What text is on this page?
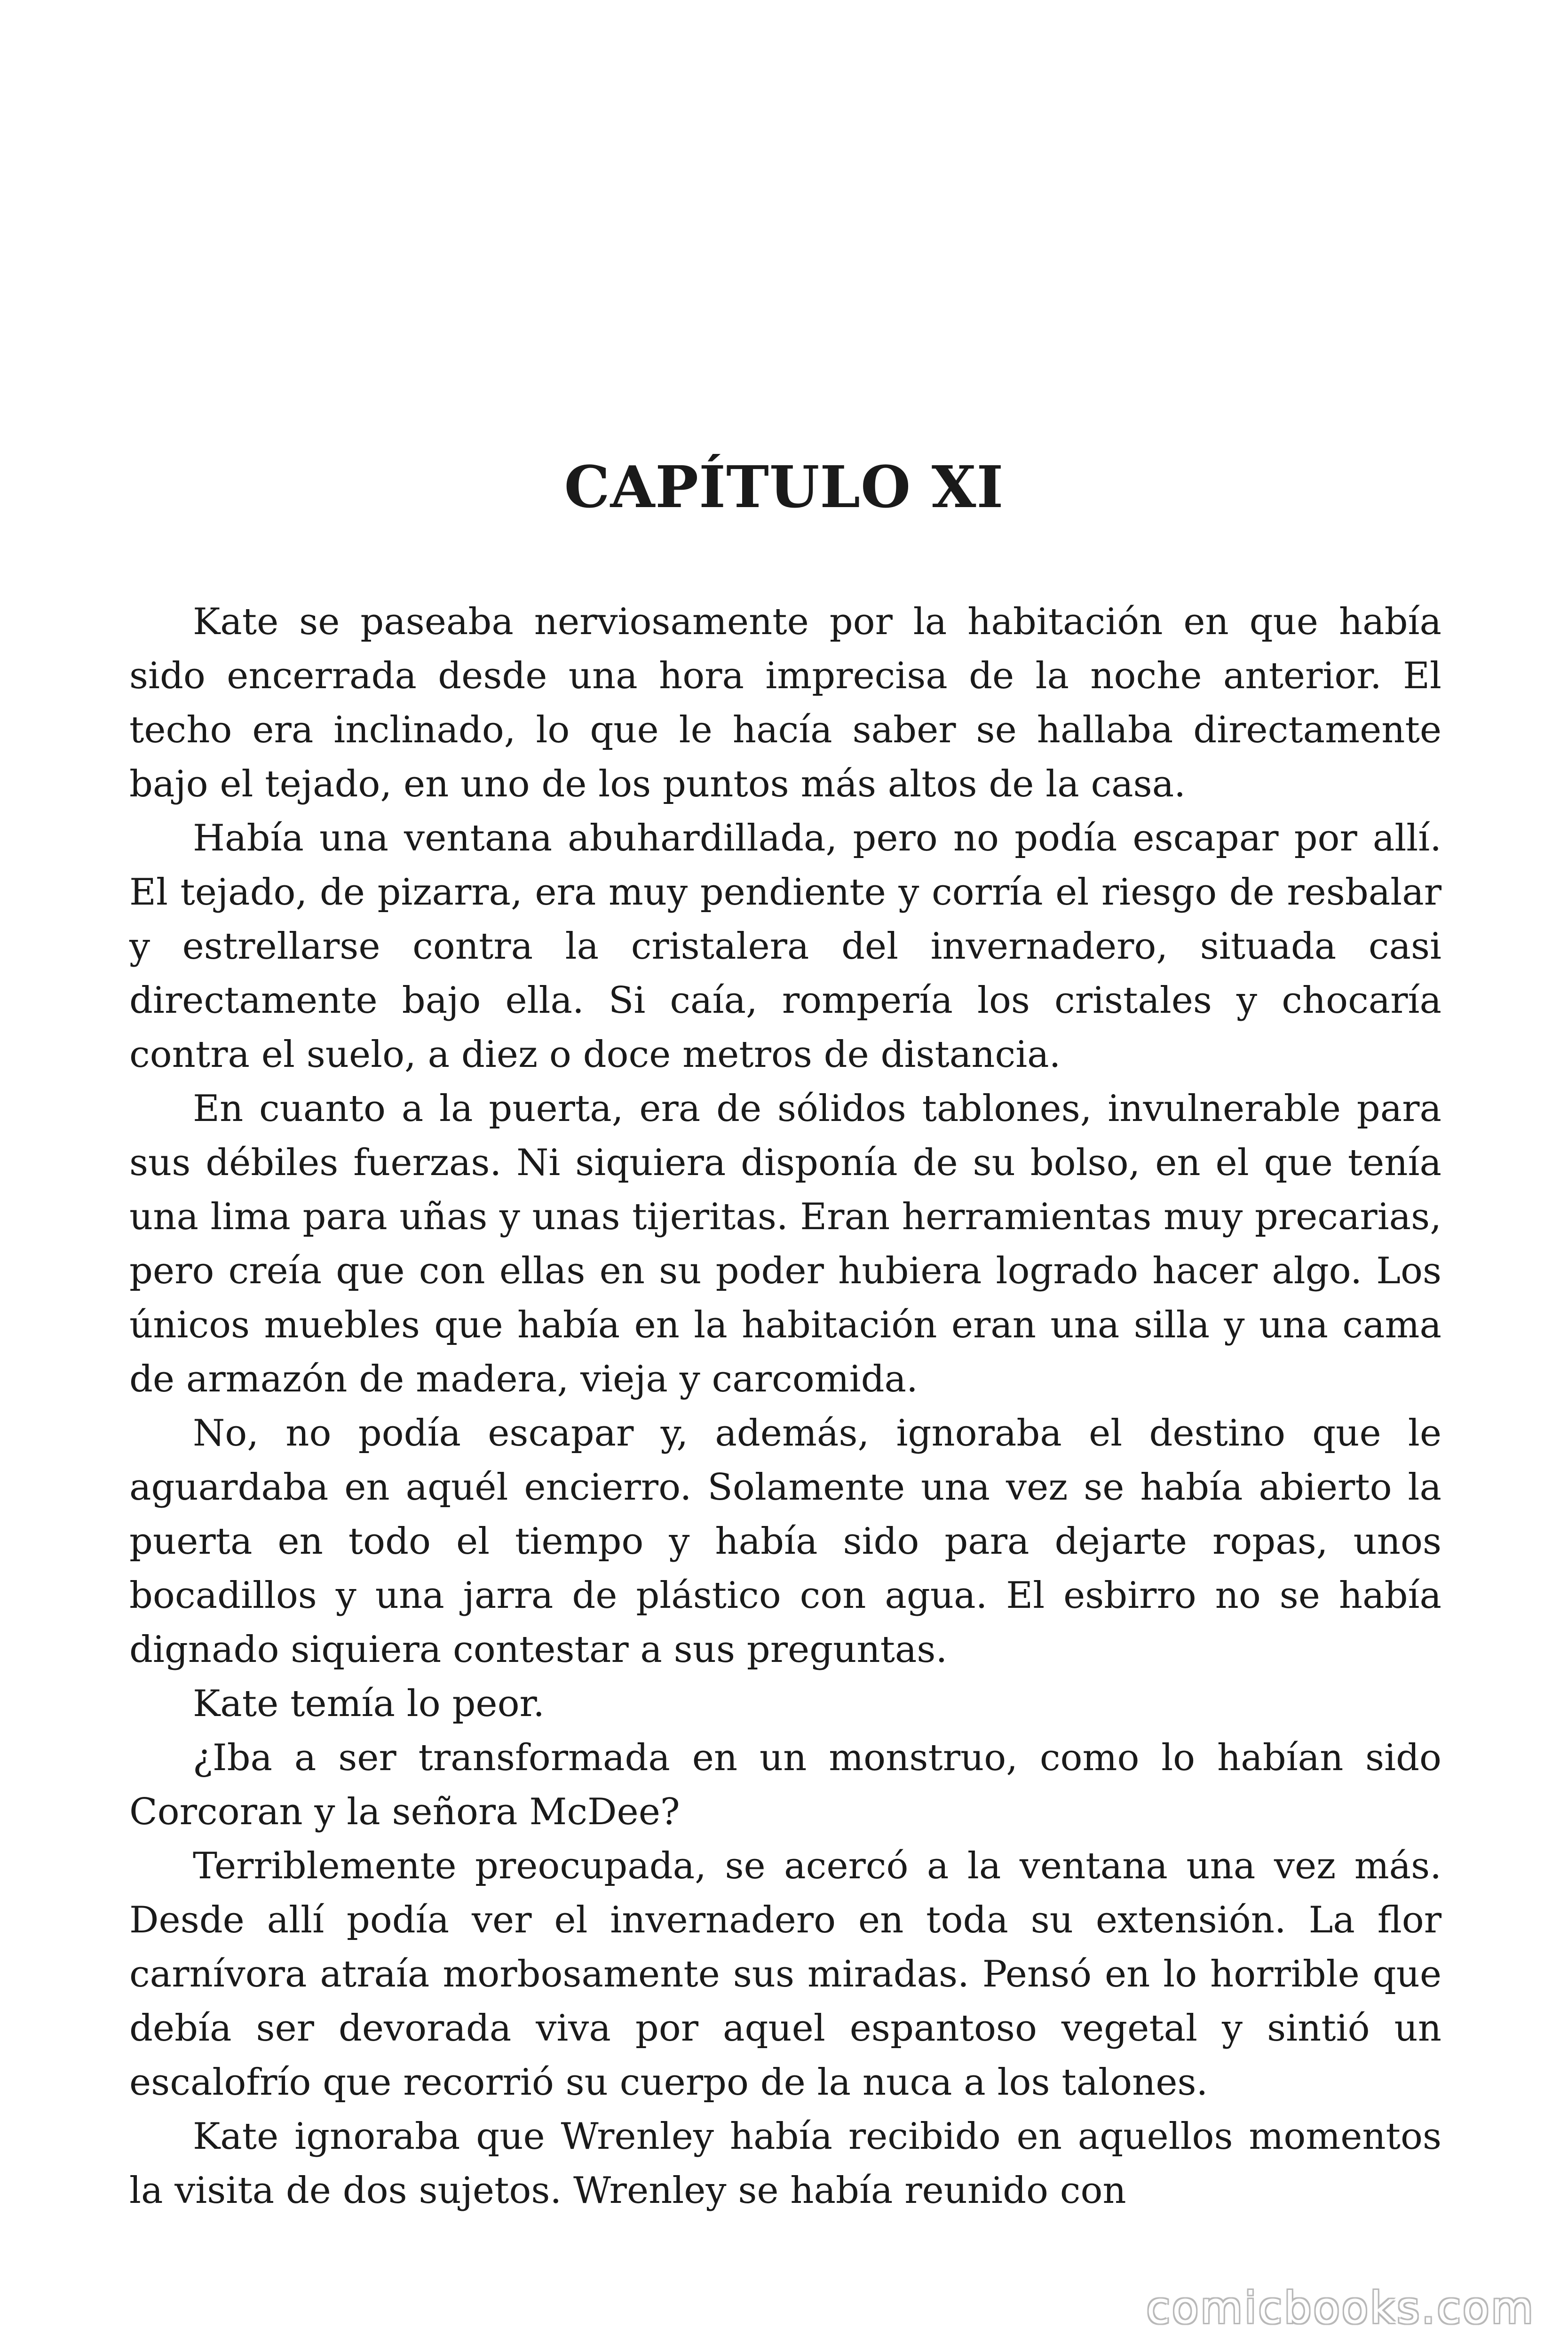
CAPÍTULO XI

Kate se paseaba nerviosamente por la habitación en que había sido encerrada desde una hora imprecisa de la noche anterior. El techo era inclinado, lo que le hacía saber se hallaba directamente bajo el tejado, en uno de los puntos más altos de la casa.

Había una ventana abuhardillada, pero no podía escapar por allí. El tejado, de pizarra, era muy pendiente y corría el riesgo de resbalar y estrellarse contra la cristalera del invernadero, situada casi directamente bajo ella. Si caía, rompería los cristales y chocaría contra el suelo, a diez o doce metros de distancia.

En cuanto a la puerta, era de sólidos tablones, invulnerable para sus débiles fuerzas. Ni siquiera disponía de su bolso, en el que tenía una lima para uñas y unas tijeritas. Eran herramientas muy precarias, pero creía que con ellas en su poder hubiera logrado hacer algo. Los únicos muebles que había en la habitación eran una silla y una cama de armazón de madera, vieja y carcomida.

No, no podía escapar y, además, ignoraba el destino que le aguardaba en aquél encierro. Solamente una vez se había abierto la puerta en todo el tiempo y había sido para dejarte ropas, unos bocadillos y una jarra de plástico con agua. El esbirro no se había dignado siquiera contestar a sus preguntas.

Kate temía lo peor.

¿Iba a ser transformada en un monstruo, como lo habían sido Corcoran y la señora McDee?

Terriblemente preocupada, se acercó a la ventana una vez más. Desde allí podía ver el invernadero en toda su extensión. La flor carnívora atraía morbosamente sus miradas. Pensó en lo horrible que debía ser devorada viva por aquel espantoso vegetal y sintió un escalofrío que recorrió su cuerpo de la nuca a los talones.

Kate ignoraba que Wrenley había recibido en aquellos momentos la visita de dos sujetos. Wrenley se había reunido con

comicbooks.com
